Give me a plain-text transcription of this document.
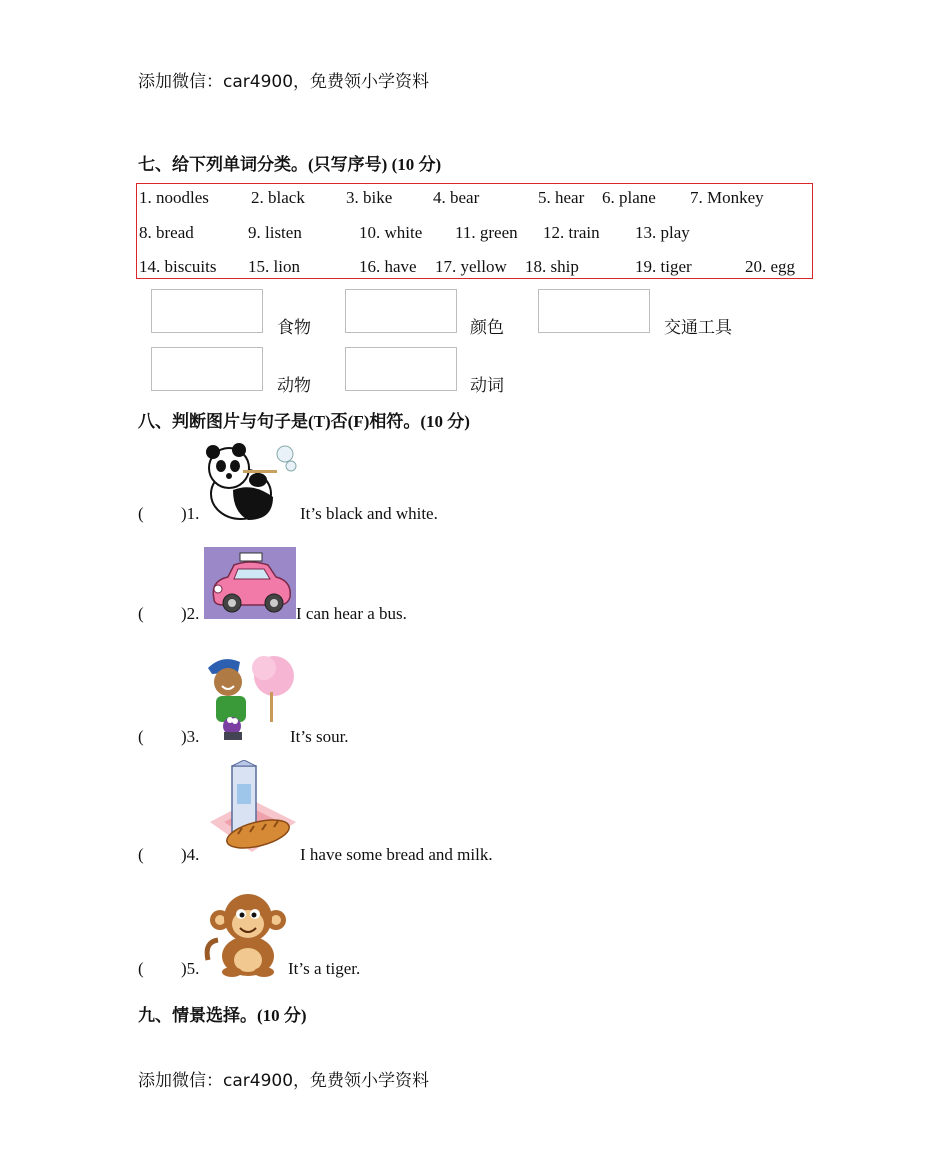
添加微信：car4900，免费领小学资料
七、给下列单词分类。(只写序号) (10 分)
1. noodles 2. black 3. bike 4. bear	5. hear 6. plane 7. Monkey
8. bread	9. listen	10. white 11. green 12. train 13. play
14. biscuits 15. lion	16. have 17. yellow 18. ship	19. tiger	20. egg
食物	颜色	交通工具
动物	动词
八、判断图片与句子是(T)否(F)相符。(10 分)
( )1.	It’s black and white.
( )2.	I can hear a bus.
( )3.	It’s sour.
( )4.	I have some bread and milk.
( )5.	It’s a tiger.
九、情景选择。(10 分)
添加微信：car4900，免费领小学资料
